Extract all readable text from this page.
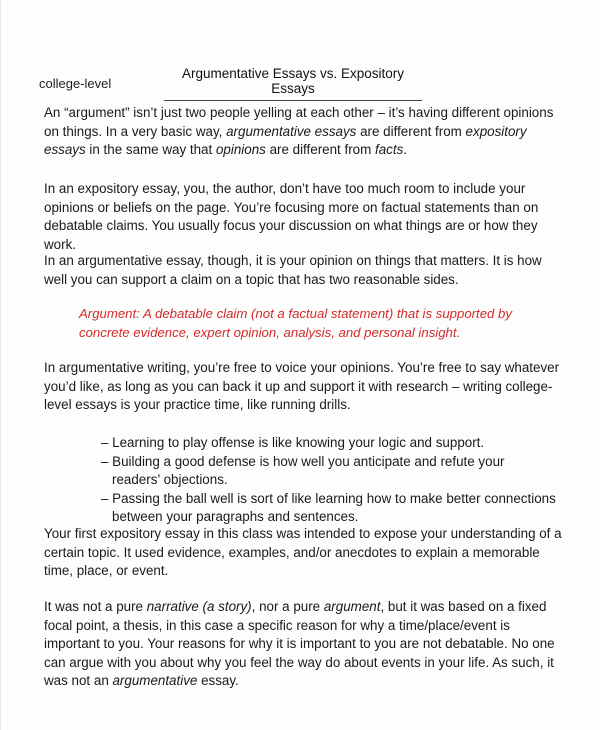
college-level
Argumentative Essays vs. Expository Essays

An “argument” isn’t just two people yelling at each other – it’s having different opinions on things. In a very basic way, argumentative essays are different from expository essays in the same way that opinions are different from facts.

In an expository essay, you, the author, don’t have too much room to include your opinions or beliefs on the page. You’re focusing more on factual statements than on debatable claims. You usually focus your discussion on what things are or how they work.

In an argumentative essay, though, it is your opinion on things that matters. It is how well you can support a claim on a topic that has two reasonable sides.

Argument: A debatable claim (not a factual statement) that is supported by concrete evidence, expert opinion, analysis, and personal insight.

In argumentative writing, you’re free to voice your opinions. You’re free to say whatever you’d like, as long as you can back it up and support it with research – writing college-level essays is your practice time, like running drills.

– Learning to play offense is like knowing your logic and support.
– Building a good defense is how well you anticipate and refute your readers’ objections.
– Passing the ball well is sort of like learning how to make better connections between your paragraphs and sentences.

Your first expository essay in this class was intended to expose your understanding of a certain topic. It used evidence, examples, and/or anecdotes to explain a memorable time, place, or event.

It was not a pure narrative (a story), nor a pure argument, but it was based on a fixed focal point, a thesis, in this case a specific reason for why a time/place/event is important to you. Your reasons for why it is important to you are not debatable. No one can argue with you about why you feel the way do about events in your life. As such, it was not an argumentative essay.
